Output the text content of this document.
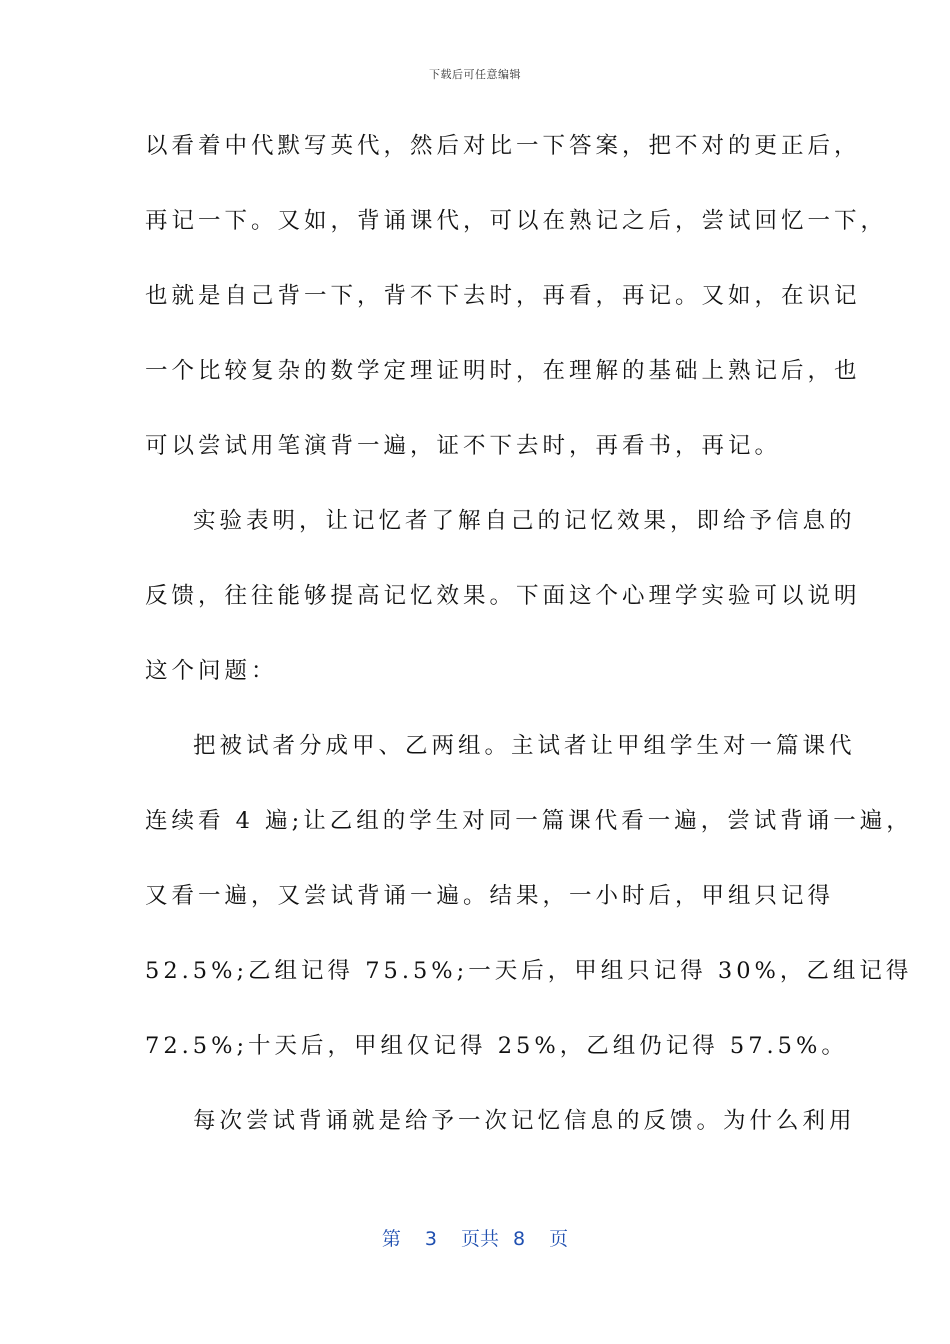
下载后可任意编辑
以看着中代默写英代，然后对比一下答案，把不对的更正后，
再记一下。又如，背诵课代，可以在熟记之后，尝试回忆一下，
也就是自己背一下，背不下去时，再看，再记。又如，在识记
一个比较复杂的数学定理证明时，在理解的基础上熟记后，也
可以尝试用笔演背一遍，证不下去时，再看书，再记。
实验表明，让记忆者了解自己的记忆效果，即给予信息的
反馈，往往能够提高记忆效果。下面这个心理学实验可以说明
这个问题：
把被试者分成甲、乙两组。主试者让甲组学生对一篇课代
连续看 4 遍;让乙组的学生对同一篇课代看一遍，尝试背诵一遍，
又看一遍，又尝试背诵一遍。结果，一小时后，甲组只记得
52.5%;乙组记得 75.5%;一天后，甲组只记得 30%，乙组记得
72.5%;十天后，甲组仅记得 25%，乙组仍记得 57.5%。
每次尝试背诵就是给予一次记忆信息的反馈。为什么利用
第 3 页共 8 页
